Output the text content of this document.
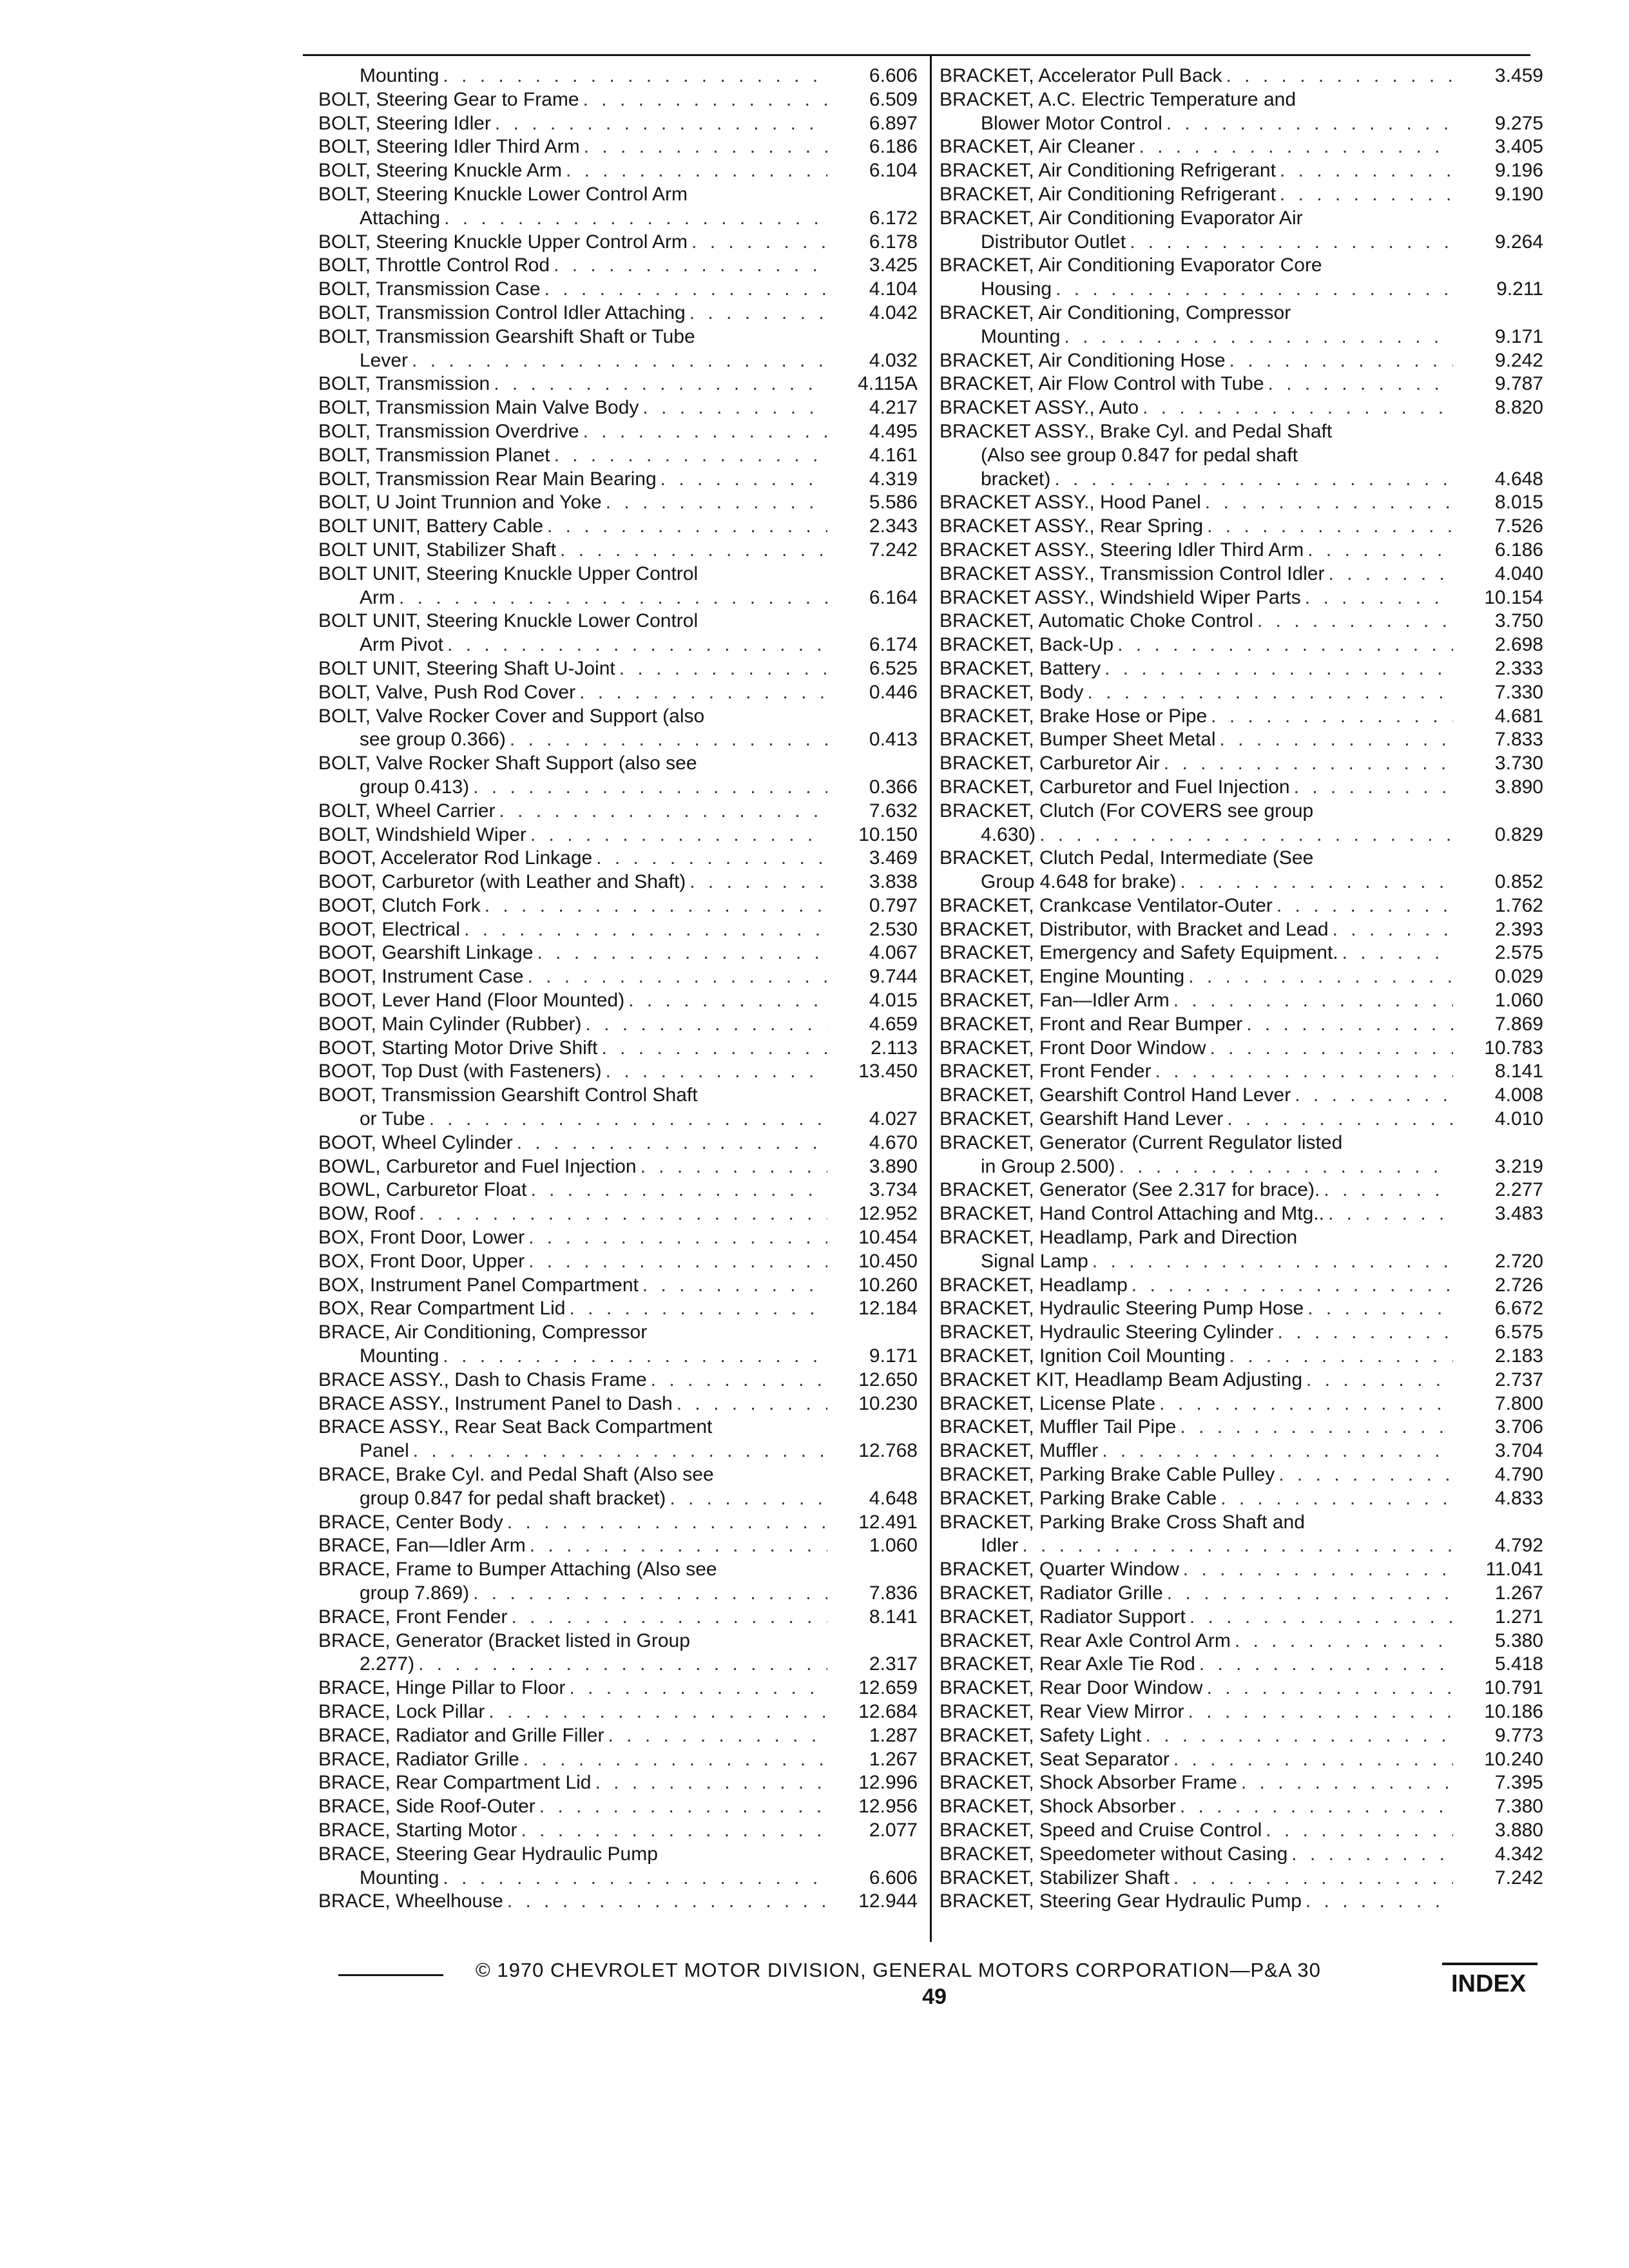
Mounting . . .	6.606
BOLT, Steering Gear to Frame . . .	6.509
BOLT, Steering Idler . . .	6.897
BOLT, Steering Idler Third Arm . . .	6.186
BOLT, Steering Knuckle Arm . . .	6.104
BOLT, Steering Knuckle Lower Control Arm
Attaching . . .	6.172
BOLT, Steering Knuckle Upper Control Arm . . .	6.178
BOLT, Throttle Control Rod . . .	3.425
BOLT, Transmission Case . . .	4.104
BOLT, Transmission Control Idler Attaching . . .	4.042
BOLT, Transmission Gearshift Shaft or Tube
Lever . . .	4.032
BOLT, Transmission . . .	4.115A
BOLT, Transmission Main Valve Body . . .	4.217
BOLT, Transmission Overdrive . . .	4.495
BOLT, Transmission Planet . . .	4.161
BOLT, Transmission Rear Main Bearing . . .	4.319
BOLT, U Joint Trunnion and Yoke . . .	5.586
BOLT UNIT, Battery Cable . . .	2.343
BOLT UNIT, Stabilizer Shaft . . .	7.242
BOLT UNIT, Steering Knuckle Upper Control
Arm . . .	6.164
BOLT UNIT, Steering Knuckle Lower Control
Arm Pivot . . .	6.174
BOLT UNIT, Steering Shaft U-Joint . . .	6.525
BOLT, Valve, Push Rod Cover . . .	0.446
BOLT, Valve Rocker Cover and Support (also
see group 0.366) . . .	0.413
BOLT, Valve Rocker Shaft Support (also see
group 0.413) . . .	0.366
BOLT, Wheel Carrier . . .	7.632
BOLT, Windshield Wiper . . .	10.150
BOOT, Accelerator Rod Linkage . . .	3.469
BOOT, Carburetor (with Leather and Shaft) . . .	3.838
BOOT, Clutch Fork . . .	0.797
BOOT, Electrical . . .	2.530
BOOT, Gearshift Linkage . . .	4.067
BOOT, Instrument Case . . .	9.744
BOOT, Lever Hand (Floor Mounted) . . .	4.015
BOOT, Main Cylinder (Rubber) . . .	4.659
BOOT, Starting Motor Drive Shift . . .	2.113
BOOT, Top Dust (with Fasteners) . . .	13.450
BOOT, Transmission Gearshift Control Shaft
or Tube . . .	4.027
BOOT, Wheel Cylinder . . .	4.670
BOWL, Carburetor and Fuel Injection . . .	3.890
BOWL, Carburetor Float . . .	3.734
BOW, Roof . . .	12.952
BOX, Front Door, Lower . . .	10.454
BOX, Front Door, Upper . . .	10.450
BOX, Instrument Panel Compartment . . .	10.260
BOX, Rear Compartment Lid . . .	12.184
BRACE, Air Conditioning, Compressor
Mounting . . .	9.171
BRACE ASSY., Dash to Chasis Frame . . .	12.650
BRACE ASSY., Instrument Panel to Dash . . .	10.230
BRACE ASSY., Rear Seat Back Compartment
Panel . . .	12.768
BRACE, Brake Cyl. and Pedal Shaft (Also see
group 0.847 for pedal shaft bracket) . . .	4.648
BRACE, Center Body . . .	12.491
BRACE, Fan—Idler Arm . . .	1.060
BRACE, Frame to Bumper Attaching (Also see
group 7.869) . . .	7.836
BRACE, Front Fender . . .	8.141
BRACE, Generator (Bracket listed in Group
2.277) . . .	2.317
BRACE, Hinge Pillar to Floor . . .	12.659
BRACE, Lock Pillar . . .	12.684
BRACE, Radiator and Grille Filler . . .	1.287
BRACE, Radiator Grille . . .	1.267
BRACE, Rear Compartment Lid . . .	12.996
BRACE, Side Roof-Outer . . .	12.956
BRACE, Starting Motor . . .	2.077
BRACE, Steering Gear Hydraulic Pump
Mounting . . .	6.606
BRACE, Wheelhouse . . .	12.944
BRACKET, Accelerator Pull Back . . .	3.459
BRACKET, A.C. Electric Temperature and
Blower Motor Control . . .	9.275
BRACKET, Air Cleaner . . .	3.405
BRACKET, Air Conditioning Refrigerant . . .	9.196
BRACKET, Air Conditioning Refrigerant . . .	9.190
BRACKET, Air Conditioning Evaporator Air
Distributor Outlet . . .	9.264
BRACKET, Air Conditioning Evaporator Core
Housing . . .	9.211
BRACKET, Air Conditioning, Compressor
Mounting . . .	9.171
BRACKET, Air Conditioning Hose . . .	9.242
BRACKET, Air Flow Control with Tube . . .	9.787
BRACKET ASSY., Auto . . .	8.820
BRACKET ASSY., Brake Cyl. and Pedal Shaft
(Also see group 0.847 for pedal shaft
bracket) . . .	4.648
BRACKET ASSY., Hood Panel . . .	8.015
BRACKET ASSY., Rear Spring . . .	7.526
BRACKET ASSY., Steering Idler Third Arm . . .	6.186
BRACKET ASSY., Transmission Control Idler . . .	4.040
BRACKET ASSY., Windshield Wiper Parts . . .	10.154
BRACKET, Automatic Choke Control . . .	3.750
BRACKET, Back-Up . . .	2.698
BRACKET, Battery . . .	2.333
BRACKET, Body . . .	7.330
BRACKET, Brake Hose or Pipe . . .	4.681
BRACKET, Bumper Sheet Metal . . .	7.833
BRACKET, Carburetor Air . . .	3.730
BRACKET, Carburetor and Fuel Injection . . .	3.890
BRACKET, Clutch (For COVERS see group
4.630) . . .	0.829
BRACKET, Clutch Pedal, Intermediate (See
Group 4.648 for brake) . . .	0.852
BRACKET, Crankcase Ventilator-Outer . . .	1.762
BRACKET, Distributor, with Bracket and Lead . . .	2.393
BRACKET, Emergency and Safety Equipment. . . .	2.575
BRACKET, Engine Mounting . . .	0.029
BRACKET, Fan—Idler Arm . . .	1.060
BRACKET, Front and Rear Bumper . . .	7.869
BRACKET, Front Door Window . . .	10.783
BRACKET, Front Fender . . .	8.141
BRACKET, Gearshift Control Hand Lever . . .	4.008
BRACKET, Gearshift Hand Lever . . .	4.010
BRACKET, Generator (Current Regulator listed
in Group 2.500) . . .	3.219
BRACKET, Generator (See 2.317 for brace). . . .	2.277
BRACKET, Hand Control Attaching and Mtg.. . . .	3.483
BRACKET, Headlamp, Park and Direction
Signal Lamp . . .	2.720
BRACKET, Headlamp . . .	2.726
BRACKET, Hydraulic Steering Pump Hose . . .	6.672
BRACKET, Hydraulic Steering Cylinder . . .	6.575
BRACKET, Ignition Coil Mounting . . .	2.183
BRACKET KIT, Headlamp Beam Adjusting . . .	2.737
BRACKET, License Plate . . .	7.800
BRACKET, Muffler Tail Pipe . . .	3.706
BRACKET, Muffler . . .	3.704
BRACKET, Parking Brake Cable Pulley . . .	4.790
BRACKET, Parking Brake Cable . . .	4.833
BRACKET, Parking Brake Cross Shaft and
Idler . . .	4.792
BRACKET, Quarter Window . . .	11.041
BRACKET, Radiator Grille . . .	1.267
BRACKET, Radiator Support . . .	1.271
BRACKET, Rear Axle Control Arm . . .	5.380
BRACKET, Rear Axle Tie Rod . . .	5.418
BRACKET, Rear Door Window . . .	10.791
BRACKET, Rear View Mirror . . .	10.186
BRACKET, Safety Light . . .	9.773
BRACKET, Seat Separator . . .	10.240
BRACKET, Shock Absorber Frame . . .	7.395
BRACKET, Shock Absorber . . .	7.380
BRACKET, Speed and Cruise Control . . .	3.880
BRACKET, Speedometer without Casing . . .	4.342
BRACKET, Stabilizer Shaft . . .	7.242
BRACKET, Steering Gear Hydraulic Pump
. . .
© 1970 CHEVROLET MOTOR DIVISION, GENERAL MOTORS CORPORATION—P&A 30
49	INDEX
